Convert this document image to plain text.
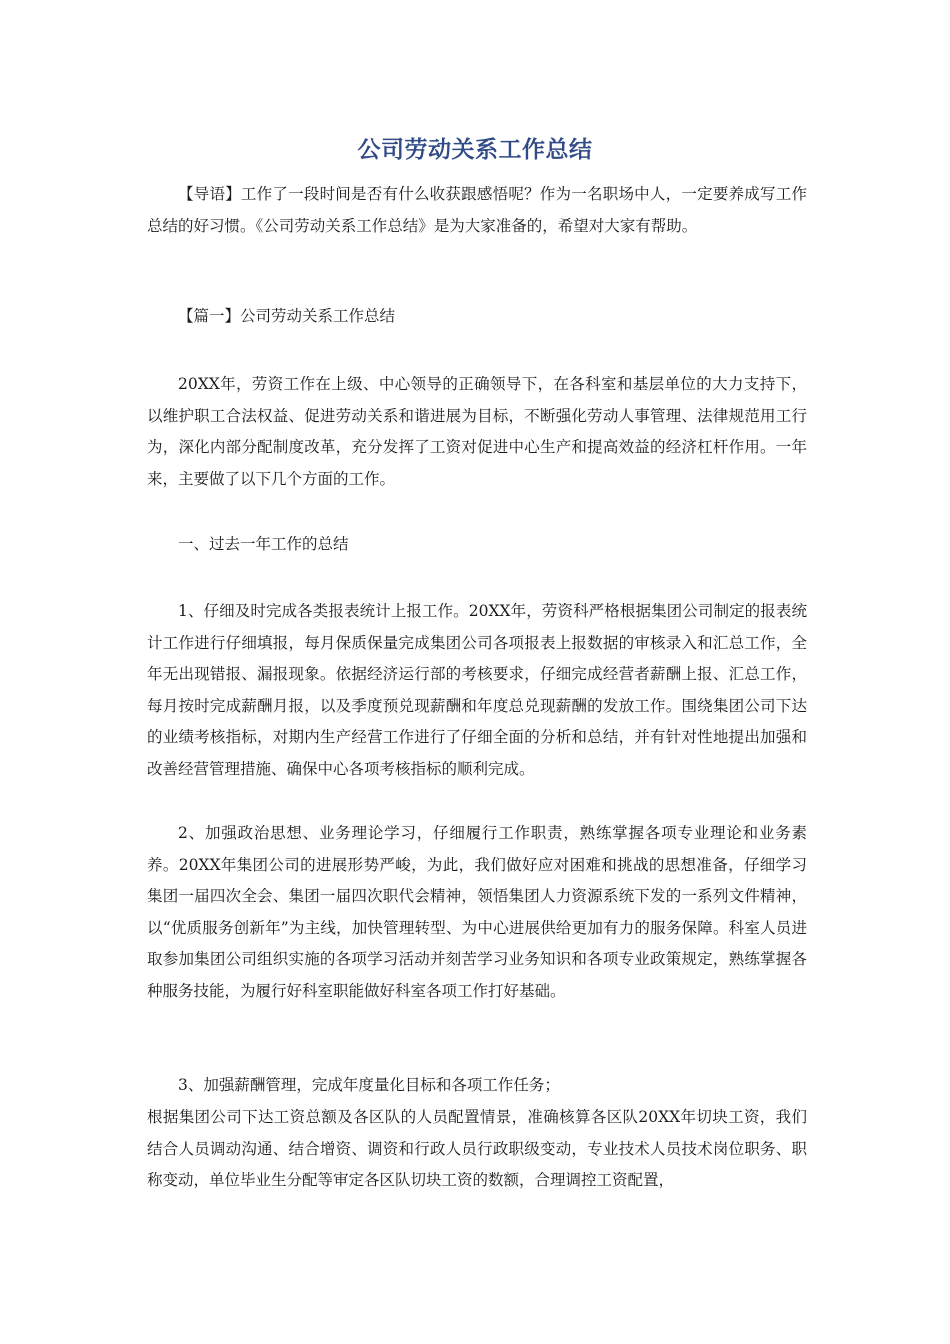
公司劳动关系工作总结

【导语】工作了一段时间是否有什么收获跟感悟呢？作为一名职场中人，一定要养成写工作总结的好习惯。《公司劳动关系工作总结》是为大家准备的，希望对大家有帮助。

【篇一】公司劳动关系工作总结

20XX年，劳资工作在上级、中心领导的正确领导下，在各科室和基层单位的大力支持下，以维护职工合法权益、促进劳动关系和谐进展为目标，不断强化劳动人事管理、法律规范用工行为，深化内部分配制度改革，充分发挥了工资对促进中心生产和提高效益的经济杠杆作用。一年来，主要做了以下几个方面的工作。

一、过去一年工作的总结

1、仔细及时完成各类报表统计上报工作。20XX年，劳资科严格根据集团公司制定的报表统计工作进行仔细填报，每月保质保量完成集团公司各项报表上报数据的审核录入和汇总工作，全年无出现错报、漏报现象。依据经济运行部的考核要求，仔细完成经营者薪酬上报、汇总工作，每月按时完成薪酬月报，以及季度预兑现薪酬和年度总兑现薪酬的发放工作。围绕集团公司下达的业绩考核指标，对期内生产经营工作进行了仔细全面的分析和总结，并有针对性地提出加强和改善经营管理措施、确保中心各项考核指标的顺利完成。

2、加强政治思想、业务理论学习，仔细履行工作职责，熟练掌握各项专业理论和业务素养。20XX年集团公司的进展形势严峻，为此，我们做好应对困难和挑战的思想准备，仔细学习集团一届四次全会、集团一届四次职代会精神，领悟集团人力资源系统下发的一系列文件精神，以“优质服务创新年”为主线，加快管理转型、为中心进展供给更加有力的服务保障。科室人员进取参加集团公司组织实施的各项学习活动并刻苦学习业务知识和各项专业政策规定，熟练掌握各种服务技能，为履行好科室职能做好科室各项工作打好基础。

3、加强薪酬管理，完成年度量化目标和各项工作任务；

根据集团公司下达工资总额及各区队的人员配置情景，准确核算各区队20XX年切块工资，我们结合人员调动沟通、结合增资、调资和行政人员行政职级变动，专业技术人员技术岗位职务、职称变动，单位毕业生分配等审定各区队切块工资的数额，合理调控工资配置，
